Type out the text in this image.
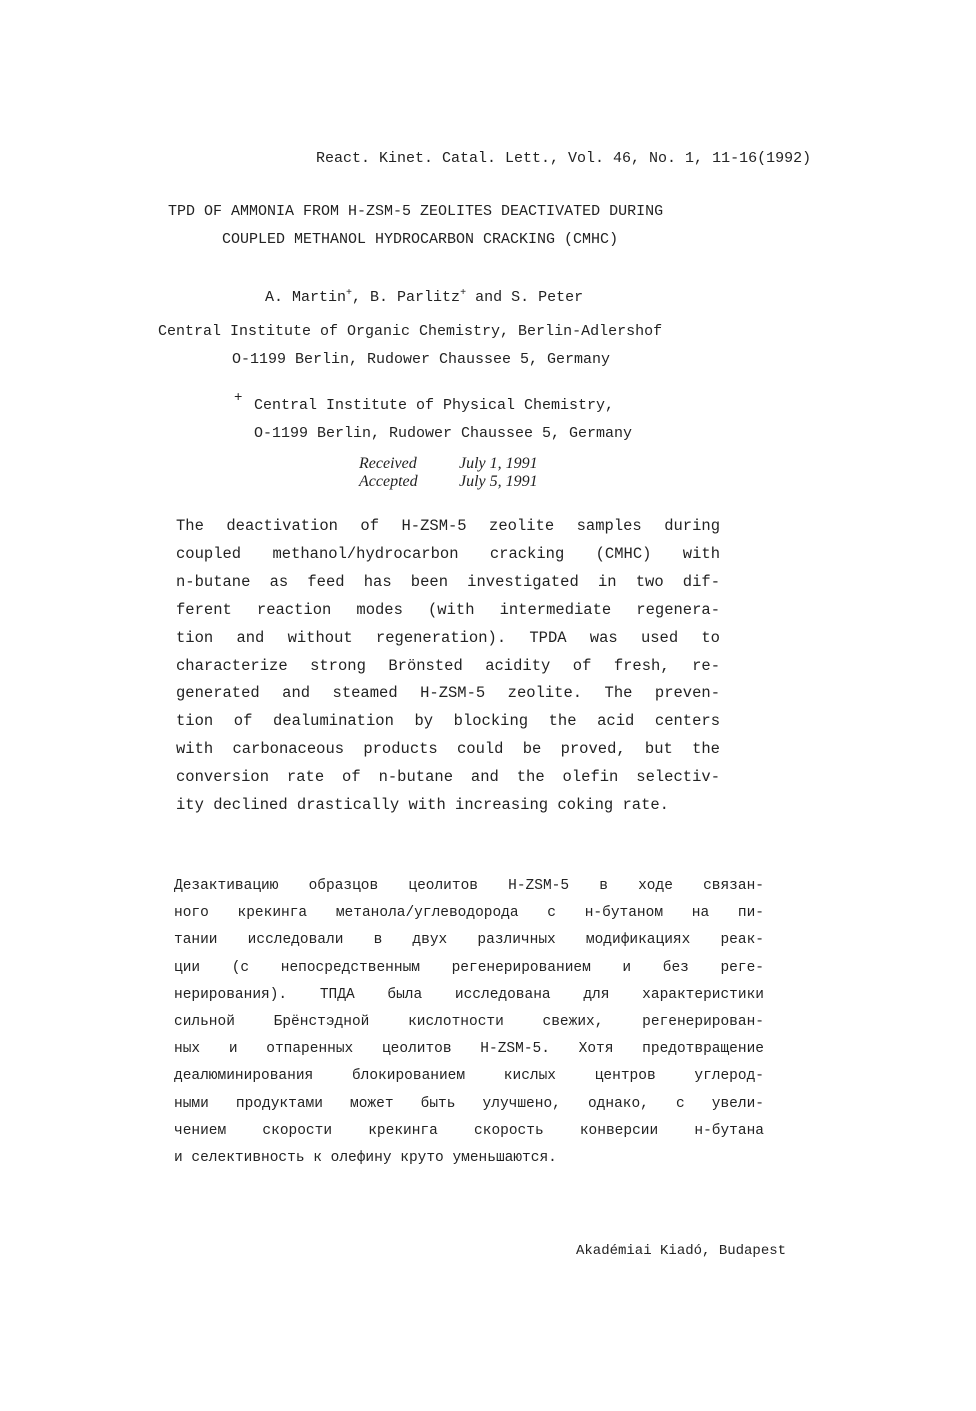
React. Kinet. Catal. Lett., Vol. 46, No. 1, 11-16(1992)
TPD OF AMMONIA FROM H-ZSM-5 ZEOLITES DEACTIVATED DURING
COUPLED METHANOL HYDROCARBON CRACKING (CMHC)
A. Martin+, B. Parlitz+ and S. Peter
Central Institute of Organic Chemistry, Berlin-Adlershof
O-1199 Berlin, Rudower Chaussee 5, Germany
+ Central Institute of Physical Chemistry,
O-1199 Berlin, Rudower Chaussee 5, Germany
Received	July 1, 1991
Accepted	July 5, 1991
The deactivation of H-ZSM-5 zeolite samples during
coupled methanol/hydrocarbon cracking (CMHC) with
n-butane as feed has been investigated in two dif-
ferent reaction modes (with intermediate regenera-
tion and without regeneration). TPDA was used to
characterize strong Brönsted acidity of fresh, re-
generated and steamed H-ZSM-5 zeolite. The preven-
tion of dealumination by blocking the acid centers
with carbonaceous products could be proved, but the
conversion rate of n-butane and the olefin selectiv-
ity declined drastically with increasing coking rate.
Дезактивацию образцов цеолитов H-ZSM-5 в ходе связан-
ного крекинга метанола/углеводорода с н-бутаном на пи-
тании исследовали в двух различных модификациях реак-
ции (с непосредственным регенерированием и без реге-
нерирования). ТПДА была исследована для характеристики
сильной Брёнстэдной кислотности свежих, регенерирован-
ных и отпаренных цеолитов H-ZSM-5. Хотя предотвращение
деалюминирования блокированием кислых центров углерод-
ными продуктами может быть улучшено, однако, с увели-
чением скорости крекинга скорость конверсии н-бутана
и селективность к олефину круто уменьшаются.
Akadémiai Kiadó, Budapest
